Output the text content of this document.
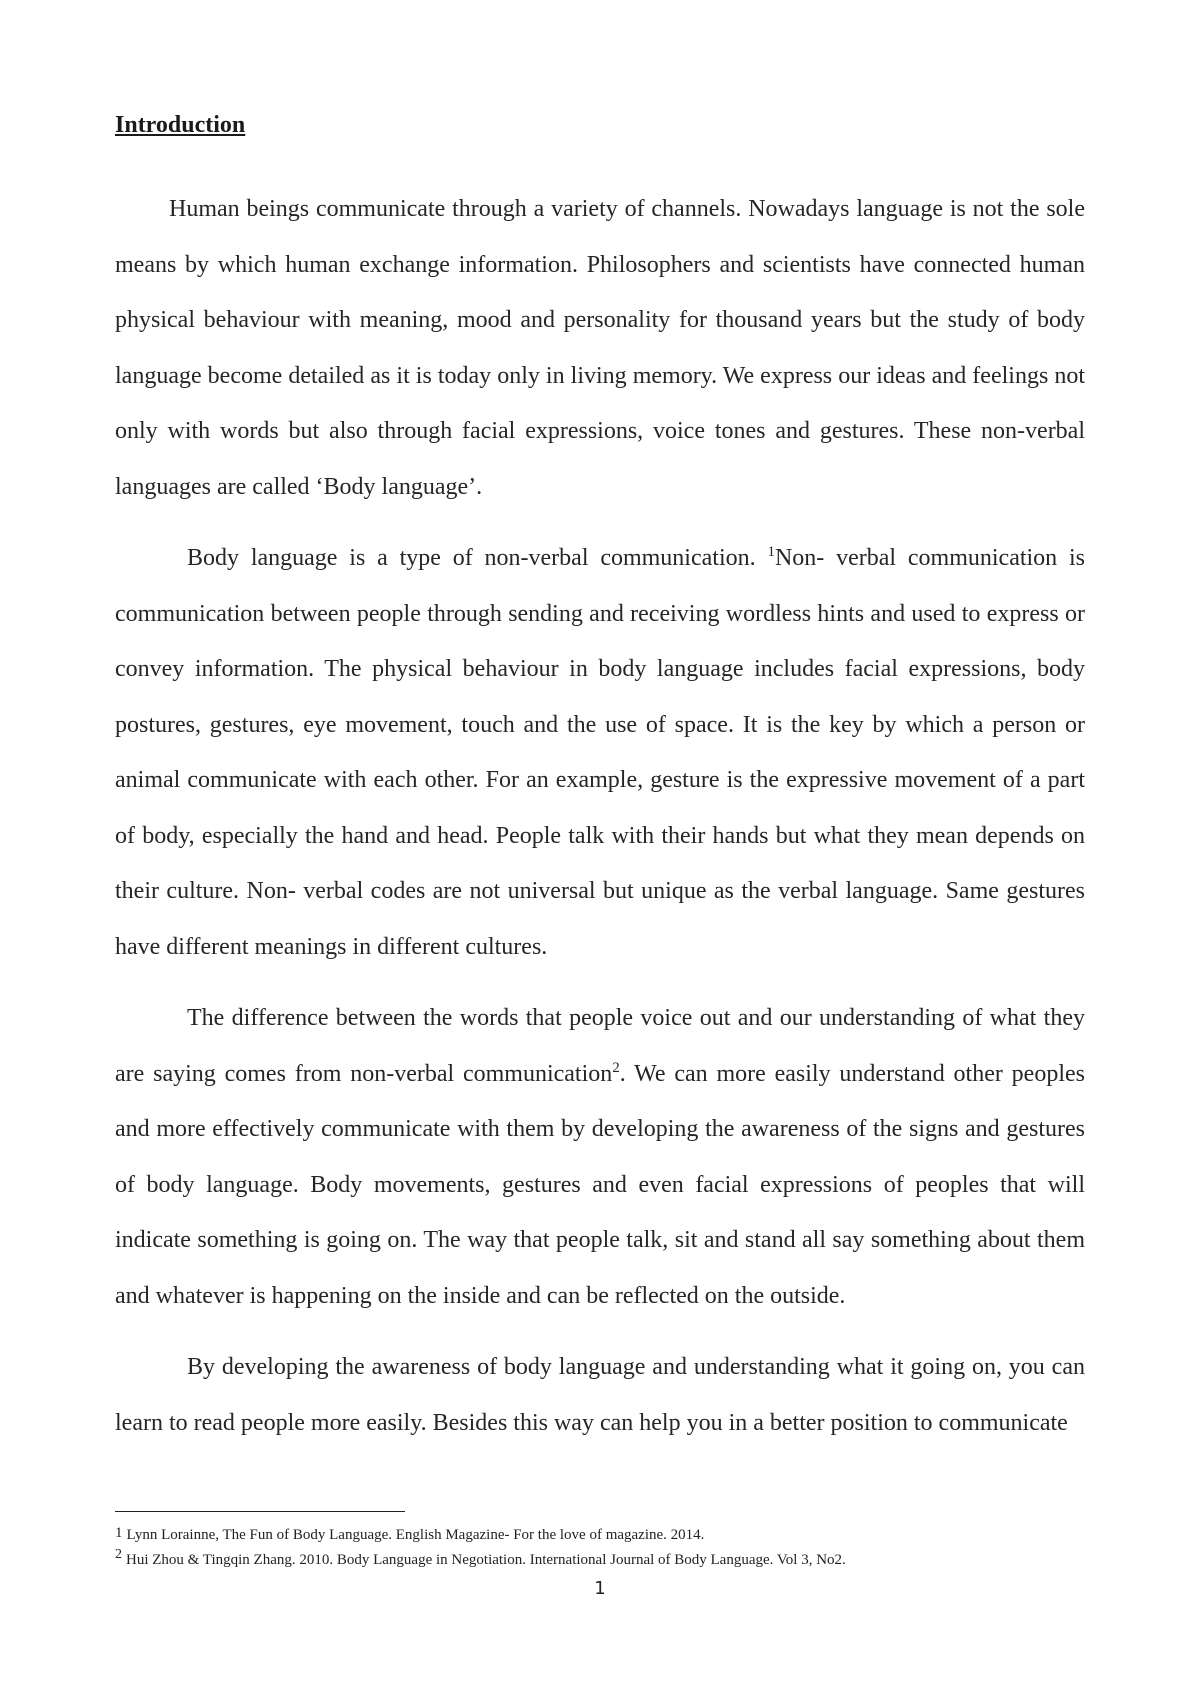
Introduction

Human beings communicate through a variety of channels. Nowadays language is not the sole means by which human exchange information. Philosophers and scientists have connected human physical behaviour with meaning, mood and personality for thousand years but the study of body language become detailed as it is today only in living memory. We express our ideas and feelings not only with words but also through facial expressions, voice tones and gestures. These non-verbal languages are called ‘Body language’.

Body language is a type of non-verbal communication. $^1$Non- verbal communication is communication between people through sending and receiving wordless hints and used to express or convey information. The physical behaviour in body language includes facial expressions, body postures, gestures, eye movement, touch and the use of space. It is the key by which a person or animal communicate with each other. For an example, gesture is the expressive movement of a part of body, especially the hand and head. People talk with their hands but what they mean depends on their culture. Non- verbal codes are not universal but unique as the verbal language. Same gestures have different meanings in different cultures.

The difference between the words that people voice out and our understanding of what they are saying comes from non-verbal communication$^2$. We can more easily understand other peoples and more effectively communicate with them by developing the awareness of the signs and gestures of body language. Body movements, gestures and even facial expressions of peoples that will indicate something is going on. The way that people talk, sit and stand all say something about them and whatever is happening on the inside and can be reflected on the outside.

By developing the awareness of body language and understanding what it going on, you can learn to read people more easily. Besides this way can help you in a better position to communicate

1 Lynn Lorainne, The Fun of Body Language. English Magazine- For the love of magazine. 2014.
2 Hui Zhou & Tingqin Zhang. 2010. Body Language in Negotiation. International Journal of Body Language. Vol 3, No2.
1
